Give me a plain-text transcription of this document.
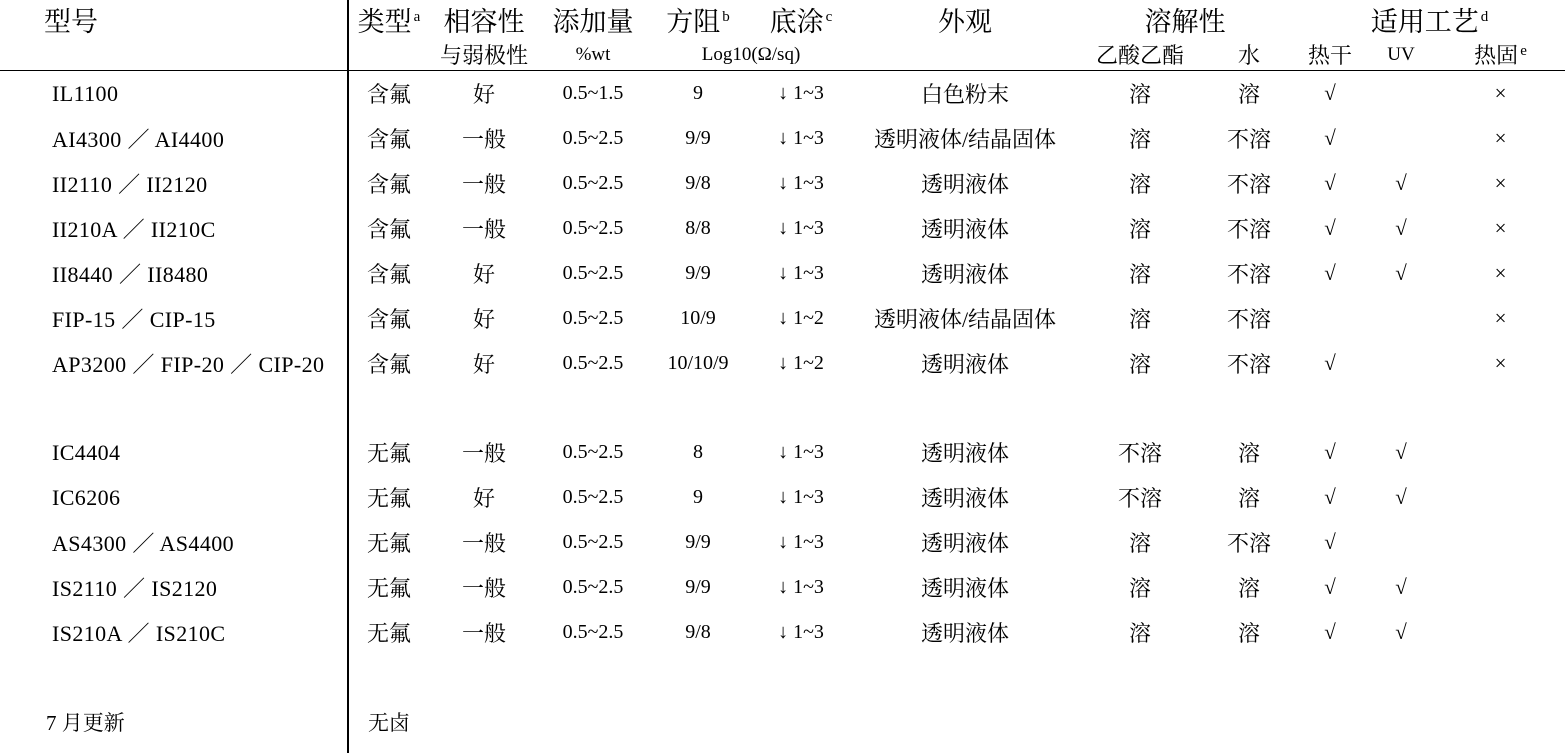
型号	类型 $^a$	相容性	添加量	方阻 $^b$	底涂 $^c$	外观	溶解性		适用工艺 $^d$
		与弱极性	%wt	Log10(Ω/sq)			乙酸乙酯	水	热干	UV	热固 $^e$
IL1100	含氟	好	0.5~1.5	9	↓ 1~3	白色粉末	溶	溶	√		×
AI4300 ／ AI4400	含氟	一般	0.5~2.5	9/9	↓ 1~3	透明液体/结晶固体	溶	不溶	√		×
II2110 ／ II2120	含氟	一般	0.5~2.5	9/8	↓ 1~3	透明液体	溶	不溶	√	√	×
II210A ／ II210C	含氟	一般	0.5~2.5	8/8	↓ 1~3	透明液体	溶	不溶	√	√	×
II8440 ／ II8480	含氟	好	0.5~2.5	9/9	↓ 1~3	透明液体	溶	不溶	√	√	×
FIP-15 ／ CIP-15	含氟	好	0.5~2.5	10/9	↓ 1~2	透明液体/结晶固体	溶	不溶			×
AP3200 ／ FIP-20 ／ CIP-20	含氟	好	0.5~2.5	10/10/9	↓ 1~2	透明液体	溶	不溶	√		×

IC4404	无氟	一般	0.5~2.5	8	↓ 1~3	透明液体	不溶	溶	√	√	
IC6206	无氟	好	0.5~2.5	9	↓ 1~3	透明液体	不溶	溶	√	√	
AS4300 ／ AS4400	无氟	一般	0.5~2.5	9/9	↓ 1~3	透明液体	溶	不溶	√		
IS2110 ／ IS2120	无氟	一般	0.5~2.5	9/9	↓ 1~3	透明液体	溶	溶	√	√	
IS210A ／ IS210C	无氟	一般	0.5~2.5	9/8	↓ 1~3	透明液体	溶	溶	√	√	

7 月更新	无卤										
